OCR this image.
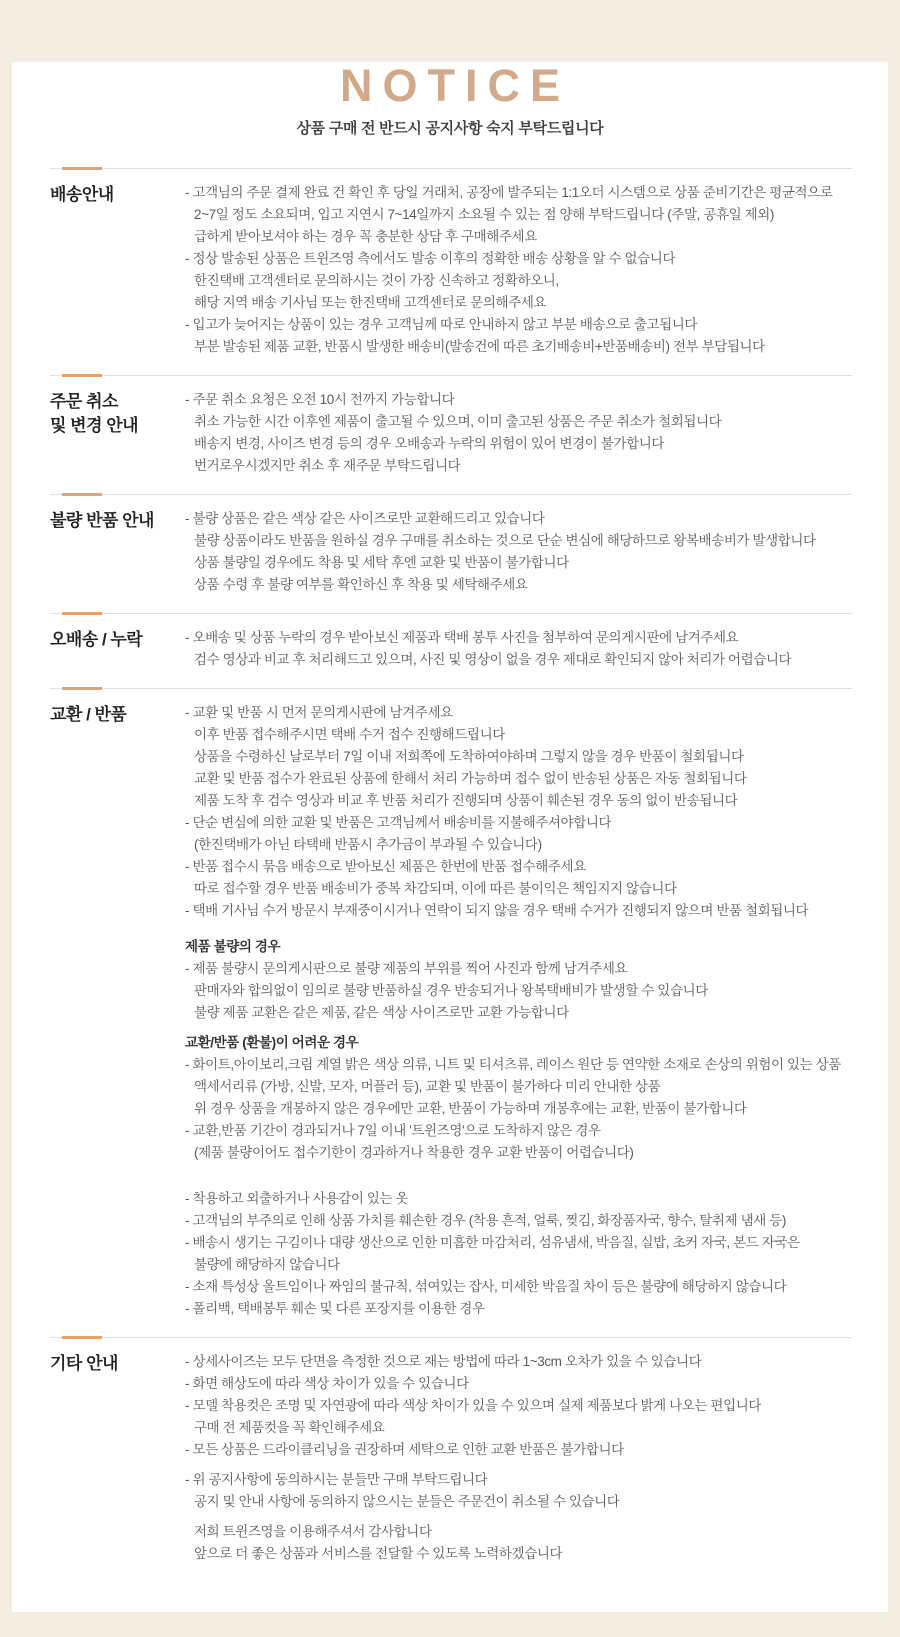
NOTICE
상품 구매 전 반드시 공지사항 숙지 부탁드립니다
배송안내	- 고객님의 주문 결제 완료 건 확인 후 당일 거래처, 공장에 발주되는 1:1오더 시스템으로 상품 준비기간은 평균적으로

2~7일 정도 소요되며, 입고 지연시 7~14일까지 소요될 수 있는 점 양해 부탁드립니다 (주말, 공휴일 제외)

급하게 받아보셔야 하는 경우 꼭 충분한 상담 후 구매해주세요

- 정상 발송된 상품은 트윈즈영 측에서도 발송 이후의 정확한 배송 상황을 알 수 없습니다

한진택배 고객센터로 문의하시는 것이 가장 신속하고 정확하오니,

해당 지역 배송 기사님 또는 한진택배 고객센터로 문의해주세요

- 입고가 늦어지는 상품이 있는 경우 고객님께 따로 안내하지 않고 부분 배송으로 출고됩니다

부분 발송된 제품 교환, 반품시 발생한 배송비(발송건에 따른 초기배송비+반품배송비) 전부 부담됩니다

주문 취소
및 변경 안내

- 주문 취소 요청은 오전 10시 전까지 가능합니다

취소 가능한 시간 이후엔 제품이 출고될 수 있으며, 이미 출고된 상품은 주문 취소가 철회됩니다

배송지 변경, 사이즈 변경 등의 경우 오배송과 누락의 위험이 있어 변경이 불가합니다

번거로우시겠지만 취소 후 재주문 부탁드립니다

불량 반품 안내	- 불량 상품은 같은 색상 같은 사이즈로만 교환해드리고 있습니다

불량 상품이라도 반품을 원하실 경우 구매를 취소하는 것으로 단순 변심에 해당하므로 왕복배송비가 발생합니다

상품 불량일 경우에도 착용 및 세탁 후엔 교환 및 반품이 불가합니다

상품 수령 후 불량 여부를 확인하신 후 착용 및 세탁해주세요

오배송 / 누락	- 오배송 및 상품 누락의 경우 받아보신 제품과 택배 봉투 사진을 첨부하여 문의게시판에 남겨주세요

검수 영상과 비교 후 처리해드고 있으며, 사진 및 영상이 없을 경우 제대로 확인되지 않아 처리가 어렵습니다

교환 / 반품	- 교환 및 반품 시 먼저 문의게시판에 남겨주세요

이후 반품 접수해주시면 택배 수거 접수 진행해드립니다

상품을 수령하신 날로부터 7일 이내 저희쪽에 도착하여야하며 그렇지 않을 경우 반품이 철회됩니다

교환 및 반품 접수가 완료된 상품에 한해서 처리 가능하며 접수 없이 반송된 상품은 자동 철회됩니다

제품 도착 후 검수 영상과 비교 후 반품 처리가 진행되며 상품이 훼손된 경우 동의 없이 반송됩니다

- 단순 변심에 의한 교환 및 반품은 고객님께서 배송비를 지불해주셔야합니다

(한진택배가 아닌 타택배 반품시 추가금이 부과될 수 있습니다)

- 반품 접수시 묶음 배송으로 받아보신 제품은 한번에 반품 접수해주세요

따로 접수할 경우 반품 배송비가 중복 차감되며, 이에 따른 불이익은 책임지지 않습니다

- 택배 기사님 수거 방문시 부재중이시거나 연락이 되지 않을 경우 택배 수거가 진행되지 않으며 반품 철회됩니다

제품 불량의 경우

- 제품 불량시 문의게시판으로 불량 제품의 부위를 찍어 사진과 함께 남겨주세요

판매자와 합의없이 임의로 불량 반품하실 경우 반송되거나 왕복택배비가 발생할 수 있습니다

불량 제품 교환은 같은 제품, 같은 색상 사이즈로만 교환 가능합니다

교환/반품 (환불)이 어려운 경우

- 화이트,아이보리,크림 계열 밝은 색상 의류, 니트 및 티셔츠류, 레이스 원단 등 연약한 소재로 손상의 위험이 있는 상품

액세서리류 (가방, 신발, 모자, 머플러 등), 교환 및 반품이 불가하다 미리 안내한 상품

위 경우 상품을 개봉하지 않은 경우에만 교환, 반품이 가능하며 개봉후에는 교환, 반품이 불가합니다

- 교환,반품 기간이 경과되거나 7일 이내 '트윈즈영'으로 도착하지 않은 경우

(제품 불량이어도 접수기한이 경과하거나 착용한 경우 교환 반품이 어렵습니다)

- 착용하고 외출하거나 사용감이 있는 옷

- 고객님의 부주의로 인해 상품 가치를 훼손한 경우 (착용 흔적, 얼룩, 찢김, 화장품자국, 향수, 탈취제 냄새 등)

- 배송시 생기는 구김이나 대량 생산으로 인한 미흡한 마감처리, 섬유냄새, 박음질, 실밥, 초커 자국, 본드 자국은

불량에 해당하지 않습니다

- 소재 특성상 올트임이나 짜임의 불규칙, 섞여있는 잡사, 미세한 박음질 차이 등은 불량에 해당하지 않습니다

- 폴리백, 택배봉투 훼손 및 다른 포장지를 이용한 경우

기타 안내	- 상세사이즈는 모두 단면을 측정한 것으로 재는 방법에 따라 1~3cm 오차가 있을 수 있습니다

- 화면 해상도에 따라 색상 차이가 있을 수 있습니다

- 모델 착용컷은 조명 및 자연광에 따라 색상 차이가 있을 수 있으며 실제 제품보다 밝게 나오는 편입니다

구매 전 제품컷을 꼭 확인해주세요

- 모든 상품은 드라이클리닝을 권장하며 세탁으로 인한 교환 반품은 불가합니다

- 위 공지사항에 동의하시는 분들만 구매 부탁드립니다

공지 및 안내 사항에 동의하지 않으시는 분들은 주문건이 취소될 수 있습니다

저희 트윈즈영을 이용해주셔서 감사합니다

앞으로 더 좋은 상품과 서비스를 전달할 수 있도록 노력하겠습니다
